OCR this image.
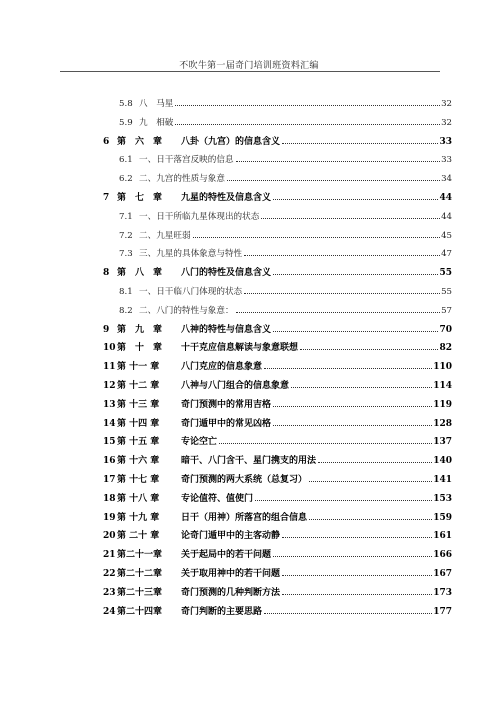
不吹牛第一届奇门培训班资料汇编
5.8 八　马星	32
5.9 九　相破	32
6 第　六　章	八卦（九宫）的信息含义	33
6.1 一、日干落宫反映的信息	33
6.2 二、九宫的性质与象意	34
7 第　七　章	九星的特性及信息含义	44
7.1 一、日干所临九星体现出的状态	44
7.2 二、九星旺弱	45
7.3 三、九星的具体象意与特性	47
8 第　八　章	八门的特性及信息含义	55
8.1 一、日干临八门体现的状态	55
8.2 二、八门的特性与象意：	57
9 第　九　章	八神的特性与信息含义	70
10 第　十　章	十干克应信息解读与象意联想	82
11 第 十一 章	八门克应的信息象意	110
12 第 十二 章	八神与八门组合的信息象意	114
13 第 十三 章	奇门预测中的常用吉格	119
14 第 十四 章	奇门遁甲中的常见凶格	128
15 第 十五 章	专论空亡	137
16 第 十六 章	暗干、八门含干、星门携支的用法	140
17 第 十七 章	奇门预测的两大系统（总复习）	141
18 第 十八 章	专论值符、值使门	153
19 第 十九 章	日干（用神）所落宫的组合信息	159
20 第 二十 章	论奇门遁甲中的主客动静	161
21 第二十一章	关于起局中的若干问题	166
22 第二十二章	关于取用神中的若干问题	167
23 第二十三章	奇门预测的几种判断方法	173
24 第二十四章	奇门判断的主要思路	177
